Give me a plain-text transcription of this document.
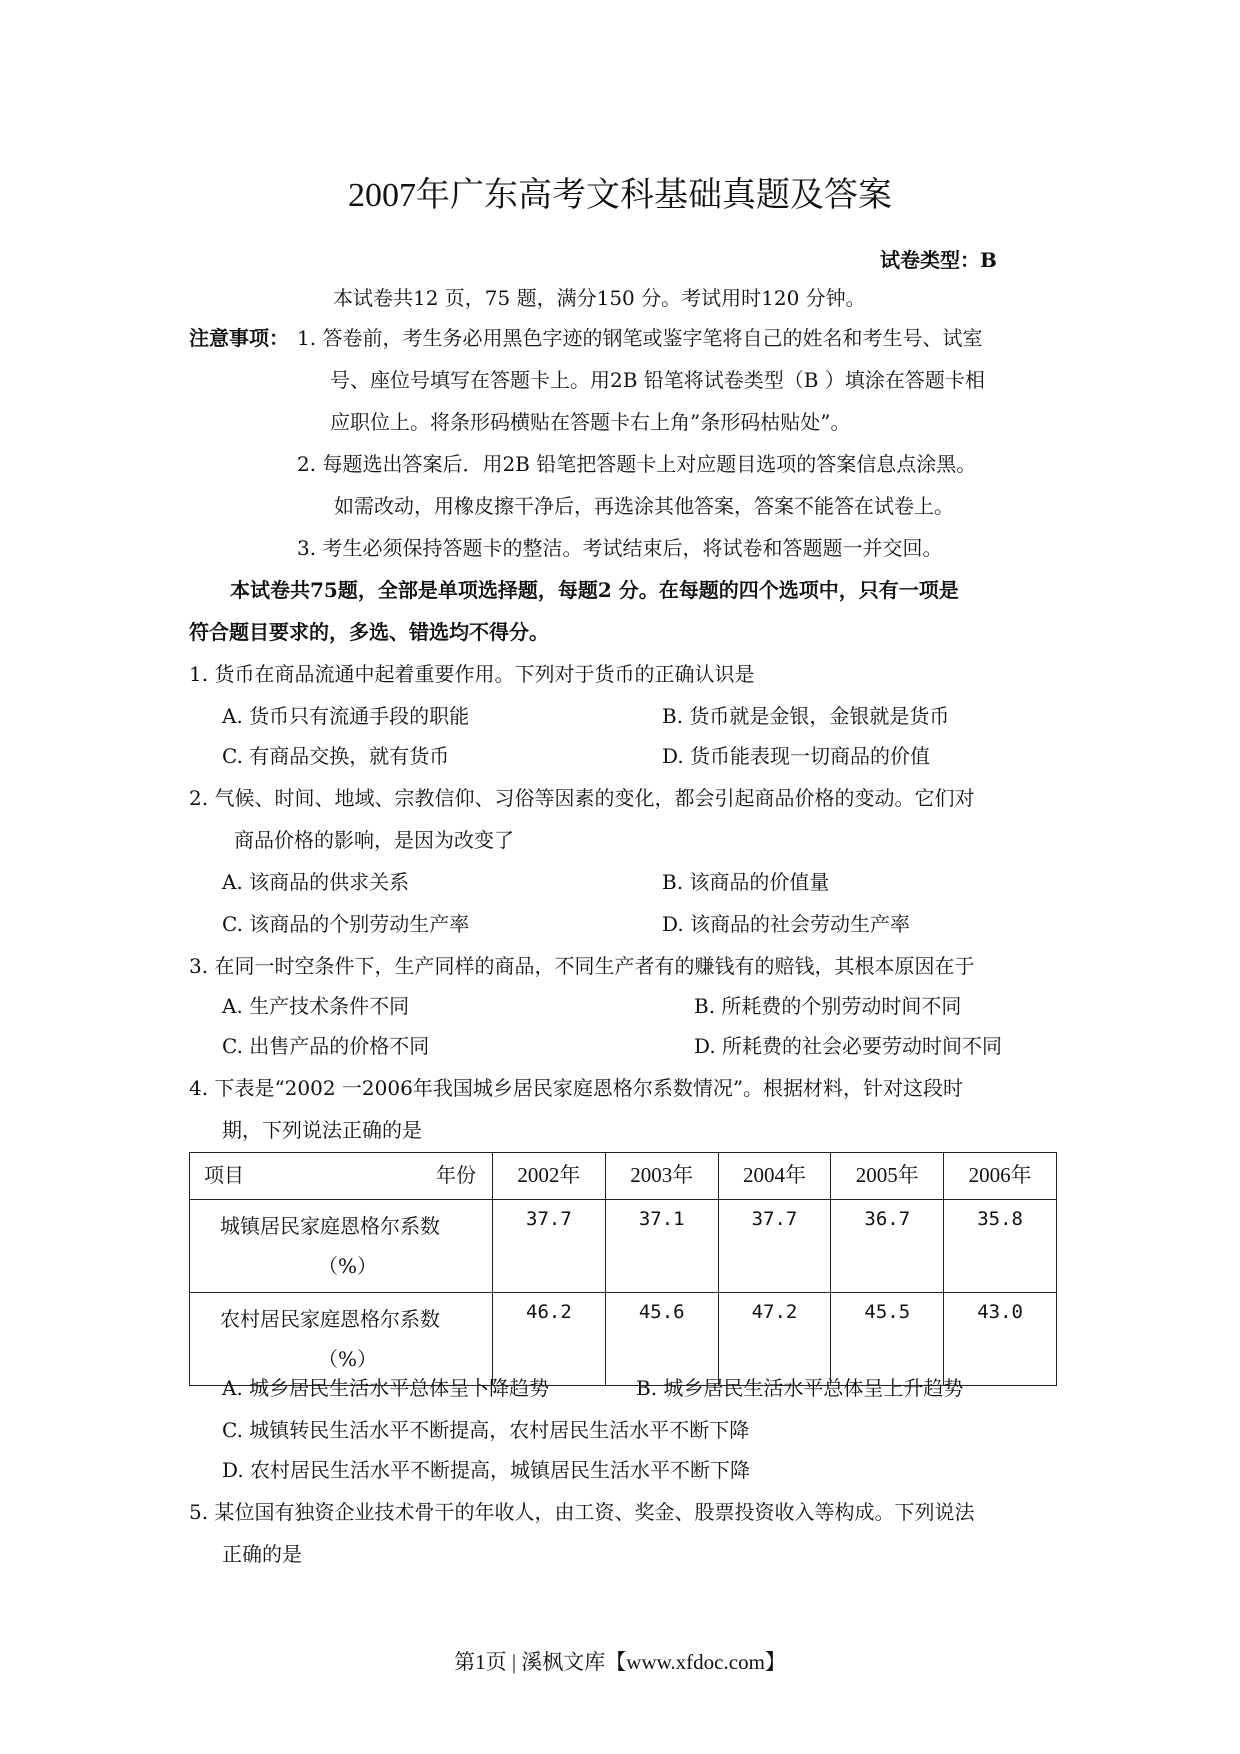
2007年广东高考文科基础真题及答案
试卷类型：B
本试卷共12 页，75 题，满分150 分。考试用时120 分钟。
注意事项： 1. 答卷前，考生务必用黑色字迹的钢笔或鉴字笔将自己的姓名和考生号、试室
号、座位号填写在答题卡上。用2B 铅笔将试卷类型（B ）填涂在答题卡相
应职位上。将条形码横贴在答题卡右上角”条形码枯贴处”。
2. 每题选出答案后．用2B 铅笔把答题卡上对应题目选项的答案信息点涂黑。
如需改动，用橡皮擦干净后，再选涂其他答案，答案不能答在试卷上。
3. 考生必须保持答题卡的整洁。考试结束后，将试卷和答题题一并交回。
本试卷共75题，全部是单项选择题，每题2 分。在每题的四个选项中，只有一项是
符合题目要求的，多选、错选均不得分。
1. 货币在商品流通中起着重要作用。下列对于货币的正确认识是
A. 货币只有流通手段的职能	B. 货币就是金银，金银就是货币
C. 有商品交换，就有货币	D. 货币能表现一切商品的价值
2. 气候、时间、地域、宗教信仰、习俗等因素的变化，都会引起商品价格的变动。它们对
商品价格的影响，是因为改变了
A. 该商品的供求关系	B. 该商品的价值量
C. 该商品的个别劳动生产率	D. 该商品的社会劳动生产率
3. 在同一时空条件下，生产同样的商品，不同生产者有的赚钱有的赔钱，其根本原因在于
A. 生产技术条件不同	B. 所耗费的个别劳动时间不同
C. 出售产品的价格不同	D. 所耗费的社会必要劳动时间不同
4. 下表是“2002 一2006年我国城乡居民家庭恩格尔系数情况”。根据材料，针对这段时
期，下列说法正确的是
项目 年份	2002年	2003年	2004年	2005年	2006年

城镇居民家庭恩格尔系数
（%）	37.7	37.1	37.7	36.7	35.8

农村居民家庭恩格尔系数
（%）	46.2	45.6	47.2	45.5	43.0
A. 城乡居民生活水平总体呈卜降趋势	B. 城乡居民生活水平总体呈上升趋势
C. 城镇转民生活水平不断提高，农村居民生活水平不断下降
D. 农村居民生活水平不断提高，城镇居民生活水平不断下降
5. 某位国有独资企业技术骨干的年收人，由工资、奖金、股票投资收入等构成。下列说法
正确的是
第1页 | 溪枫文库【www.xfdoc.com】
